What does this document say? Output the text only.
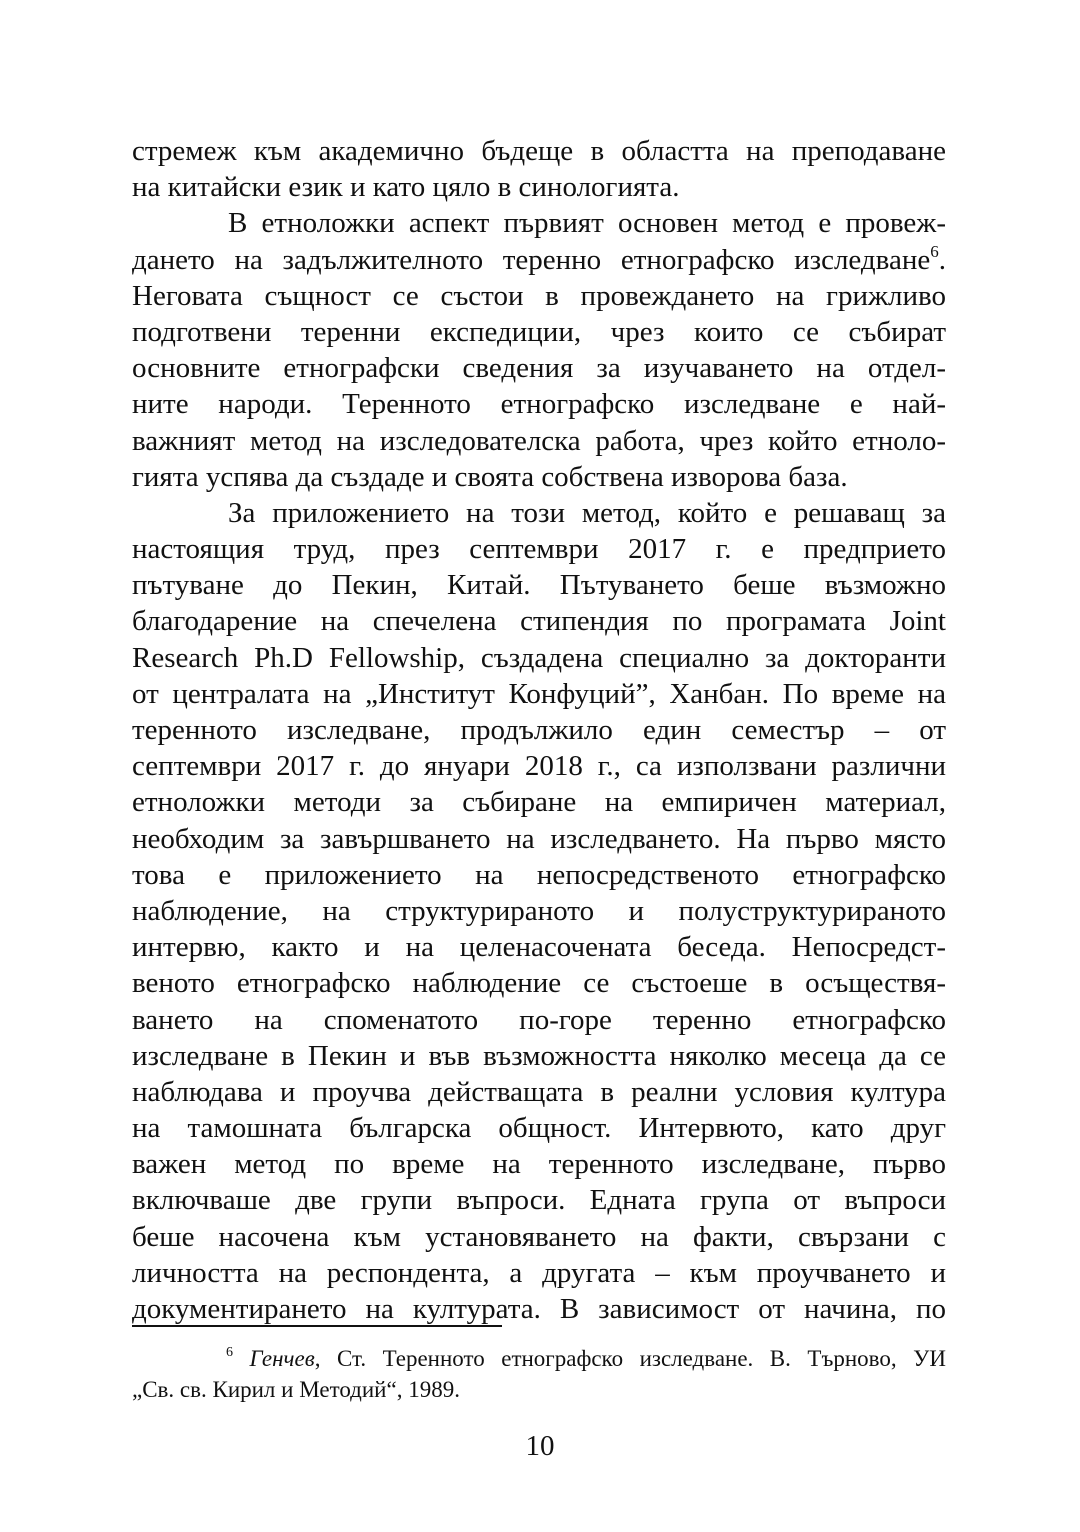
стремеж към академично бъдеще в областта на преподаване
на китайски език и като цяло в синологията.
В етноложки аспект първият основен метод е провеж-
дането на задължителното теренно етнографско изследване$^6$.
Неговата същност се състои в провеждането на грижливо
подготвени теренни експедиции, чрез които се събират
основните етнографски сведения за изучаването на отдел-
ните народи. Теренното етнографско изследване е най-
важният метод на изследователска работа, чрез който етноло-
гията успява да създаде и своята собствена изворова база.
За приложението на този метод, който е решаващ за
настоящия труд, през септември 2017 г. е предприето
пътуване до Пекин, Китай. Пътуването беше възможно
благодарение на спечелена стипендия по програмата Joint
Research Ph.D Fellowship, създадена специално за докторанти
от централата на „Институт Конфуций”, Ханбан. По време на
теренното изследване, продължило един семестър – от
септември 2017 г. до януари 2018 г., са използвани различни
етноложки методи за събиране на емпиричен материал,
необходим за завършването на изследването. На първо място
това е приложението на непосредственото етнографско
наблюдение, на структурираното и полуструктурираното
интервю, както и на целенасочената беседа. Непосредст-
веното етнографско наблюдение се състоеше в осъществя-
ването на споменатото по-горе теренно етнографско
изследване в Пекин и във възможността няколко месеца да се
наблюдава и проучва действащата в реални условия култура
на тамошната българска общност. Интервюто, като друг
важен метод по време на теренното изследване, първо
включваше две групи въпроси. Едната група от въпроси
беше насочена към установяването на факти, свързани с
личността на респондента, а другата – към проучването и
документирането на културата. В зависимост от начина, по
$^6$ Генчев, Ст. Теренното етнографско изследване. В. Търново, УИ
„Св. св. Кирил и Методий“, 1989.
10
